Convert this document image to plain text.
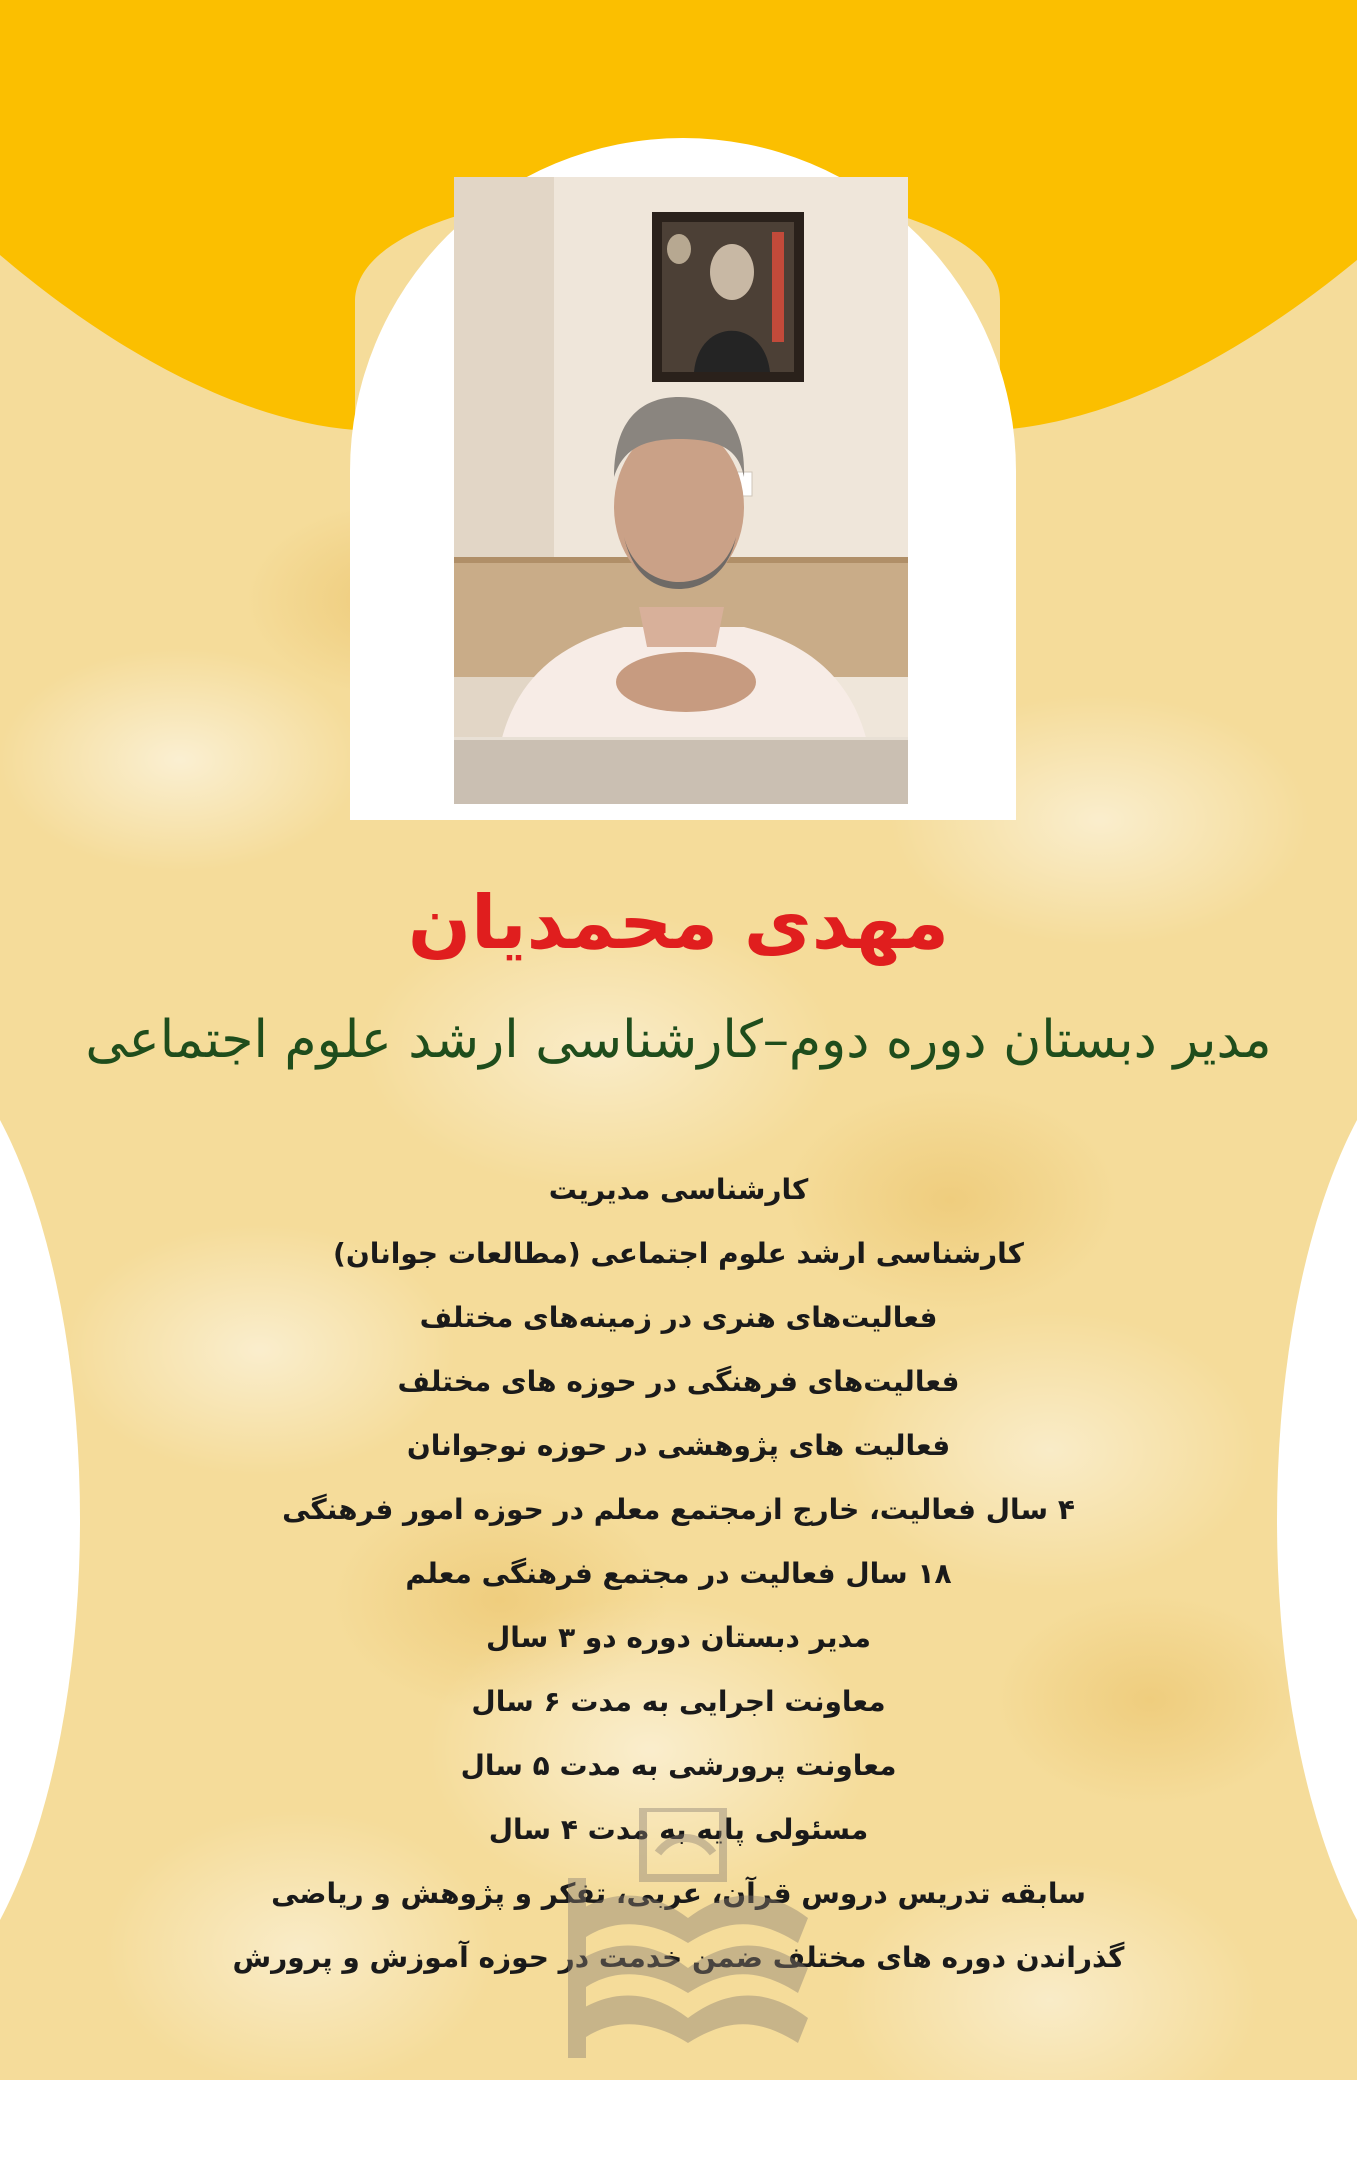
مهدی محمدیان
مدیر دبستان دوره دوم–کارشناسی ارشد علوم اجتماعی
کارشناسی مدیریت
کارشناسی ارشد علوم اجتماعی (مطالعات جوانان)
فعالیت‌های هنری در زمینه‌های مختلف
فعالیت‌های فرهنگی در حوزه های مختلف
فعالیت های پژوهشی در حوزه نوجوانان
۴ سال فعالیت، خارج ازمجتمع معلم در حوزه امور فرهنگی
۱۸ سال فعالیت در مجتمع فرهنگی معلم
مدیر دبستان دوره دو ۳ سال
معاونت اجرایی به مدت ۶ سال
معاونت پرورشی به مدت ۵ سال
مسئولی پایه به مدت ۴ سال
سابقه تدریس دروس قرآن، عربی، تفکر و پژوهش و ریاضی
گذراندن دوره های مختلف ضمن خدمت در حوزه آموزش و پرورش
